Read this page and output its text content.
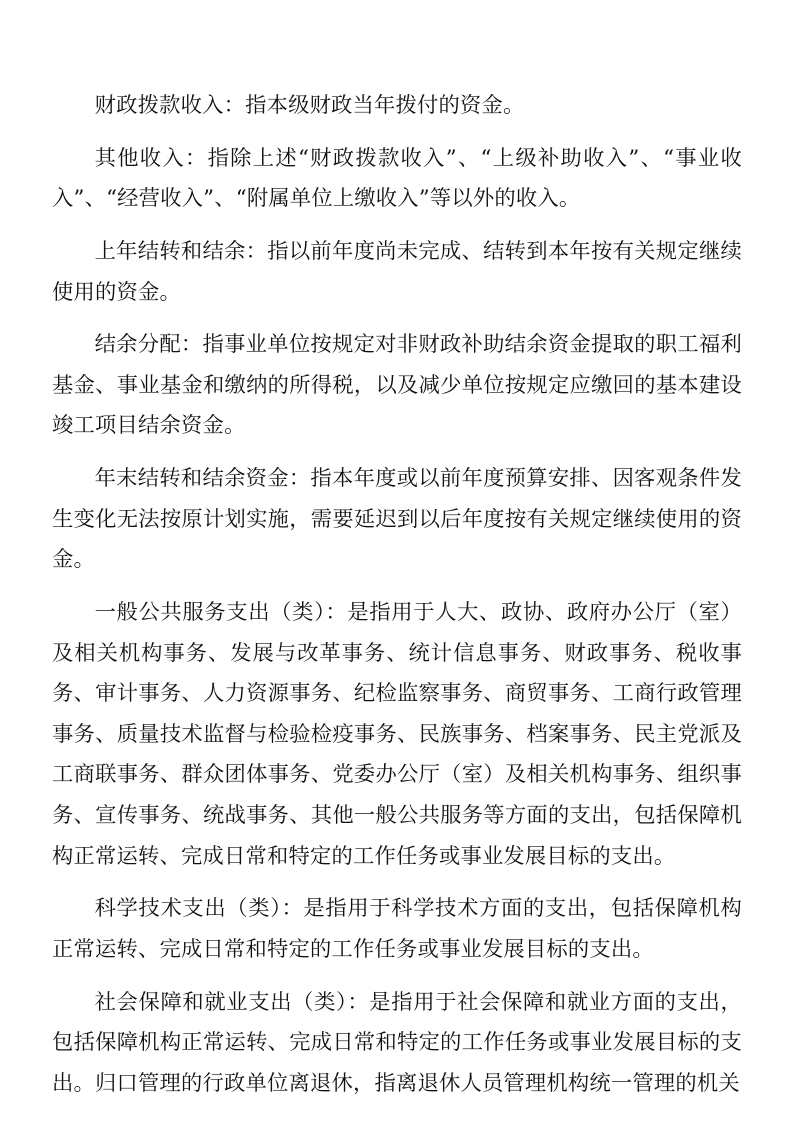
财政拨款收入：指本级财政当年拨付的资金。

其他收入：指除上述“财政拨款收入”、“上级补助收入”、“事业收入”、“经营收入”、“附属单位上缴收入”等以外的收入。

上年结转和结余：指以前年度尚未完成、结转到本年按有关规定继续使用的资金。

结余分配：指事业单位按规定对非财政补助结余资金提取的职工福利基金、事业基金和缴纳的所得税，以及减少单位按规定应缴回的基本建设竣工项目结余资金。

年末结转和结余资金：指本年度或以前年度预算安排、因客观条件发生变化无法按原计划实施，需要延迟到以后年度按有关规定继续使用的资金。

一般公共服务支出（类）：是指用于人大、政协、政府办公厅（室）及相关机构事务、发展与改革事务、统计信息事务、财政事务、税收事务、审计事务、人力资源事务、纪检监察事务、商贸事务、工商行政管理事务、质量技术监督与检验检疫事务、民族事务、档案事务、民主党派及工商联事务、群众团体事务、党委办公厅（室）及相关机构事务、组织事务、宣传事务、统战事务、其他一般公共服务等方面的支出，包括保障机构正常运转、完成日常和特定的工作任务或事业发展目标的支出。

科学技术支出（类）：是指用于科学技术方面的支出，包括保障机构正常运转、完成日常和特定的工作任务或事业发展目标的支出。

社会保障和就业支出（类）：是指用于社会保障和就业方面的支出，包括保障机构正常运转、完成日常和特定的工作任务或事业发展目标的支出。归口管理的行政单位离退休，指离退休人员管理机构统一管理的机关
